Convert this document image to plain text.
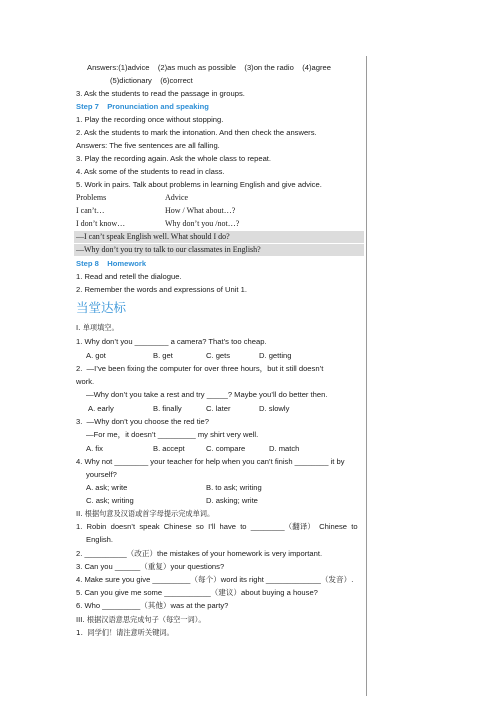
Answers:(1)advice    (2)as much as possible    (3)on the radio    (4)agree
(5)dictionary    (6)correct
3. Ask the students to read the passage in groups.
Step 7    Pronunciation and speaking
1. Play the recording once without stopping.
2. Ask the students to mark the intonation. And then check the answers.
Answers: The five sentences are all falling.
3. Play the recording again. Ask the whole class to repeat.
4. Ask some of the students to read in class.
5. Work in pairs. Talk about problems in learning English and give advice.
Problems	Advice
I can’t…	How / What about…?
I don’t know…	Why don’t you /not…?
—I can’t speak English well. What should I do?
—Why don’t you try to talk to our classmates in English?
Step 8    Homework
1. Read and retell the dialogue.
2. Remember the words and expressions of Unit 1.
当堂达标
I. 单项填空。
1. Why don’t you ________ a camera? That’s too cheap.
A. got	B. get	C. gets	D. getting
2.  —I’ve been fixing the computer for over three hours，but it still doesn’t
work.
—Why don’t you take a rest and try _____? Maybe you’ll do better then.
A. early	B. finally	C. later	D. slowly
3.  —Why don’t you choose the red tie?
—For me，it doesn’t _________ my shirt very well.
A. fix	B. accept	C. compare	D. match
4. Why not ________ your teacher for help when you can’t finish ________ it by
yourself?
A. ask; write	B. to ask; writing
C. ask; writing	D. asking; write
II. 根据句意及汉语或首字母提示完成单词。
1.  Robin  doesn’t  speak  Chinese  so  I’ll  have  to  ________（翻译）  Chinese  to
English.
2. __________（改正）the mistakes of your homework is very important.
3. Can you ______（重复）your questions?
4. Make sure you give _________（每个）word its right _____________（发音）.
5. Can you give me some ___________（建议）about buying a house?
6. Who _________（其他）was at the party?
III. 根据汉语意思完成句子（每空一词）。
1.  同学们！请注意听关键词。
